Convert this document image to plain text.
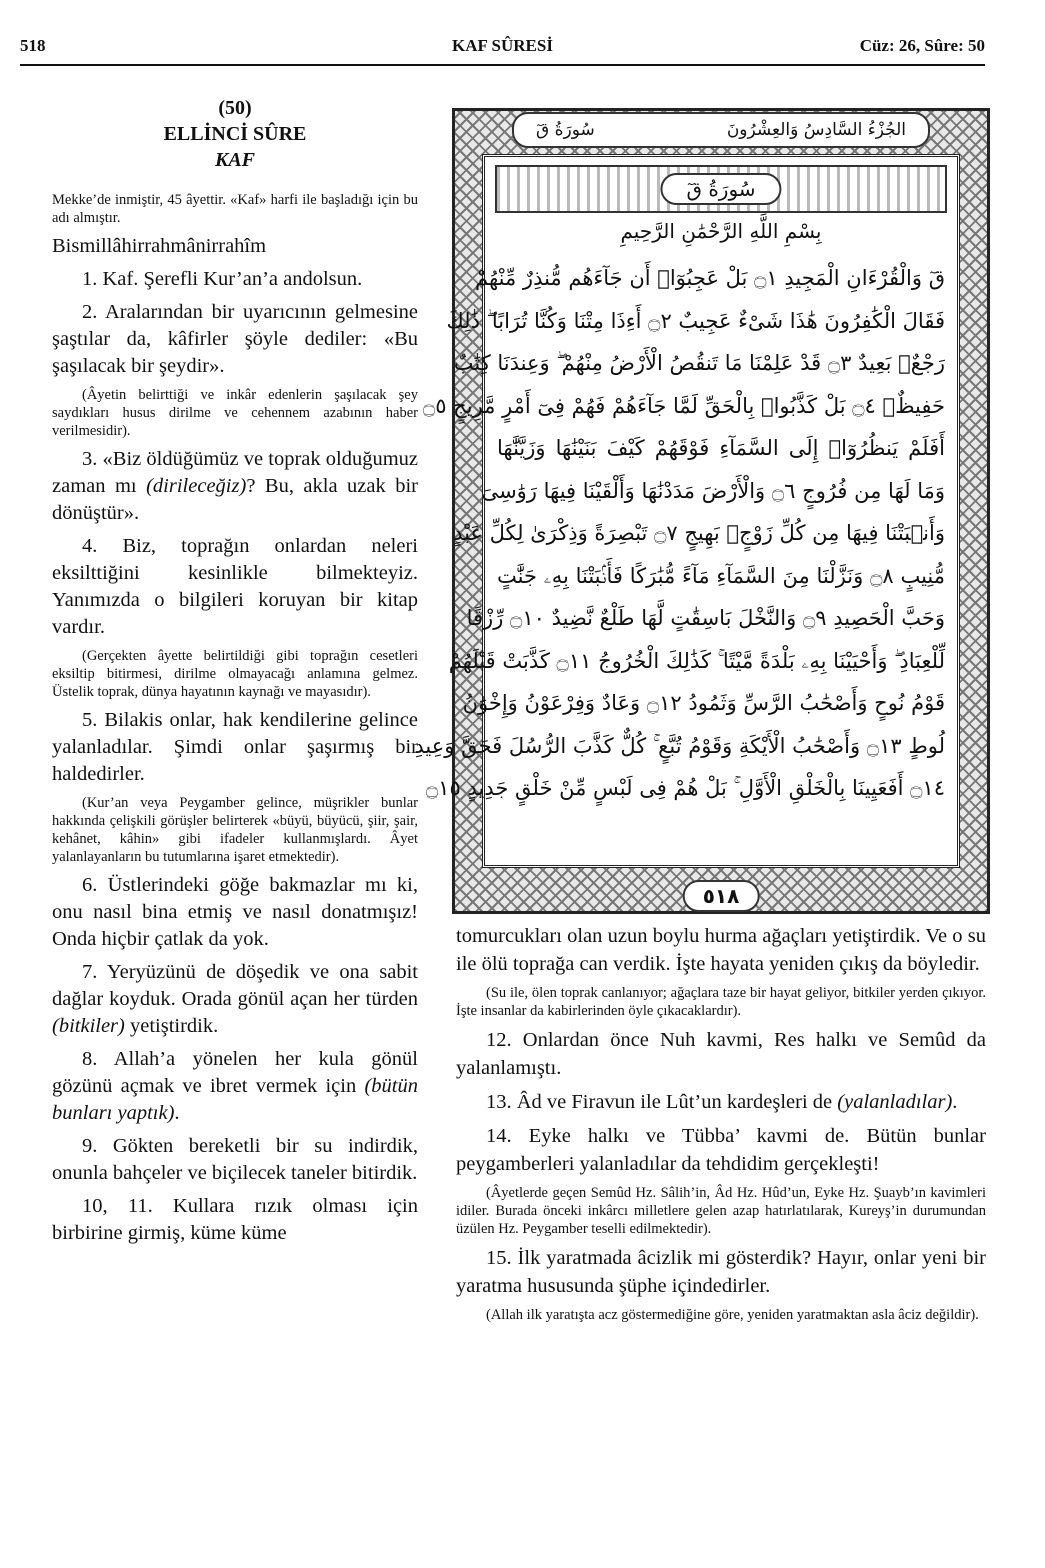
518	KAF SÛRESİ	Cüz: 26, Sûre: 50
(50)
ELLİNCİ SÛRE
KAF

Mekke’de inmiştir, 45 âyettir. «Kaf» harfi ile başladığı için bu adı almıştır.

Bismillâhirrahmânirrahîm

1. Kaf. Şerefli Kur’an’a andolsun.

2. Aralarından bir uyarıcının gelmesine şaştılar da, kâfirler şöyle dediler: «Bu şaşılacak bir şeydir».

(Âyetin belirttiği ve inkâr edenlerin şaşılacak şey saydıkları husus dirilme ve cehennem azabının haber verilmesidir).

3. «Biz öldüğümüz ve toprak olduğumuz zaman mı (dirileceğiz)? Bu, akla uzak bir dönüştür».

4. Biz, toprağın onlardan neleri eksilttiğini kesinlikle bilmekteyiz. Yanımızda o bilgileri koruyan bir kitap vardır.

(Gerçekten âyette belirtildiği gibi toprağın cesetleri eksiltip bitirmesi, dirilme olmayacağı anlamına gelmez. Üstelik toprak, dünya hayatının kaynağı ve mayasıdır).

5. Bilakis onlar, hak kendilerine gelince yalanladılar. Şimdi onlar şaşırmış bir haldedirler.

(Kur’an veya Peygamber gelince, müşrikler bunlar hakkında çelişkili görüşler belirterek «büyü, büyücü, şiir, şair, kehânet, kâhin» gibi ifadeler kullanmışlardı. Âyet yalanlayanların bu tutumlarına işaret etmektedir).

6. Üstlerindeki göğe bakmazlar mı ki, onu nasıl bina etmiş ve nasıl donatmışız! Onda hiçbir çatlak da yok.

7. Yeryüzünü de döşedik ve ona sabit dağlar koyduk. Orada gönül açan her türden (bitkiler) yetiştirdik.

8. Allah’a yönelen her kula gönül gözünü açmak ve ibret vermek için (bütün bunları yaptık).

9. Gökten bereketli bir su indirdik, onunla bahçeler ve biçilecek taneler bitirdik.

10, 11. Kullara rızık olması için birbirine girmiş, küme küme

الجُزْءُ السَّادِسُ وَالعِشْرُونَ
سُورَةُ قٓ
سُورَةُ قٓ
بِسْمِ اللَّهِ الرَّحْمَٰنِ الرَّحِيمِ
قٓ وَالْقُرْءَانِ الْمَجِيدِ ۝١ بَلْ عَجِبُوٓا۟ أَن جَآءَهُم مُّنذِرٌ مِّنْهُمْ
فَقَالَ الْكَٰفِرُونَ هَٰذَا شَىْءٌ عَجِيبٌ ۝٢ أَءِذَا مِتْنَا وَكُنَّا تُرَابًا ۖ ذَٰلِكَ
رَجْعٌۢ بَعِيدٌ ۝٣ قَدْ عَلِمْنَا مَا تَنقُصُ الْأَرْضُ مِنْهُمْ ۖ وَعِندَنَا كِتَٰبٌ
حَفِيظٌۢ ۝٤ بَلْ كَذَّبُوا۟ بِالْحَقِّ لَمَّا جَآءَهُمْ فَهُمْ فِىٓ أَمْرٍ مَّرِيجٍ ۝٥
أَفَلَمْ يَنظُرُوٓا۟ إِلَى السَّمَآءِ فَوْقَهُمْ كَيْفَ بَنَيْنَٰهَا وَزَيَّنَّٰهَا
وَمَا لَهَا مِن فُرُوجٍ ۝٦ وَالْأَرْضَ مَدَدْنَٰهَا وَأَلْقَيْنَا فِيهَا رَوَٰسِىَ
وَأَنۢبَتْنَا فِيهَا مِن كُلِّ زَوْجٍۭ بَهِيجٍ ۝٧ تَبْصِرَةً وَذِكْرَىٰ لِكُلِّ عَبْدٍ
مُّنِيبٍ ۝٨ وَنَزَّلْنَا مِنَ السَّمَآءِ مَآءً مُّبَٰرَكًا فَأَنۢبَتْنَا بِهِۦ جَنَّٰتٍ
وَحَبَّ الْحَصِيدِ ۝٩ وَالنَّخْلَ بَاسِقَٰتٍ لَّهَا طَلْعٌ نَّضِيدٌ ۝١٠ رِّزْقًا
لِّلْعِبَادِ ۖ وَأَحْيَيْنَا بِهِۦ بَلْدَةً مَّيْتًا ۚ كَذَٰلِكَ الْخُرُوجُ ۝١١ كَذَّبَتْ قَبْلَهُمْ
قَوْمُ نُوحٍ وَأَصْحَٰبُ الرَّسِّ وَثَمُودُ ۝١٢ وَعَادٌ وَفِرْعَوْنُ وَإِخْوَٰنُ
لُوطٍ ۝١٣ وَأَصْحَٰبُ الْأَيْكَةِ وَقَوْمُ تُبَّعٍ ۚ كُلٌّ كَذَّبَ الرُّسُلَ فَحَقَّ وَعِيدِ
۝١٤ أَفَعَيِينَا بِالْخَلْقِ الْأَوَّلِ ۚ بَلْ هُمْ فِى لَبْسٍ مِّنْ خَلْقٍ جَدِيدٍ ۝١٥
٥١٨

tomurcukları olan uzun boylu hurma ağaçları yetiştirdik. Ve o su ile ölü toprağa can verdik. İşte hayata yeniden çıkış da böyledir.

(Su ile, ölen toprak canlanıyor; ağaçlara taze bir hayat geliyor, bitkiler yerden çıkıyor. İşte insanlar da kabirlerinden öyle çıkacaklardır).

12. Onlardan önce Nuh kavmi, Res halkı ve Semûd da yalanlamıştı.

13. Âd ve Firavun ile Lût’un kardeşleri de (yalanladılar).

14. Eyke halkı ve Tübba’ kavmi de. Bütün bunlar peygamberleri yalanladılar da tehdidim gerçekleşti!

(Âyetlerde geçen Semûd Hz. Sâlih’in, Âd Hz. Hûd’un, Eyke Hz. Şuayb’ın kavimleri idiler. Burada önceki inkârcı milletlere gelen azap hatırlatılarak, Kureyş’in durumundan üzülen Hz. Peygamber teselli edilmektedir).

15. İlk yaratmada âcizlik mi gösterdik? Hayır, onlar yeni bir yaratma hususunda şüphe içindedirler.

(Allah ilk yaratışta acz göstermediğine göre, yeniden yaratmaktan asla âciz değildir).
